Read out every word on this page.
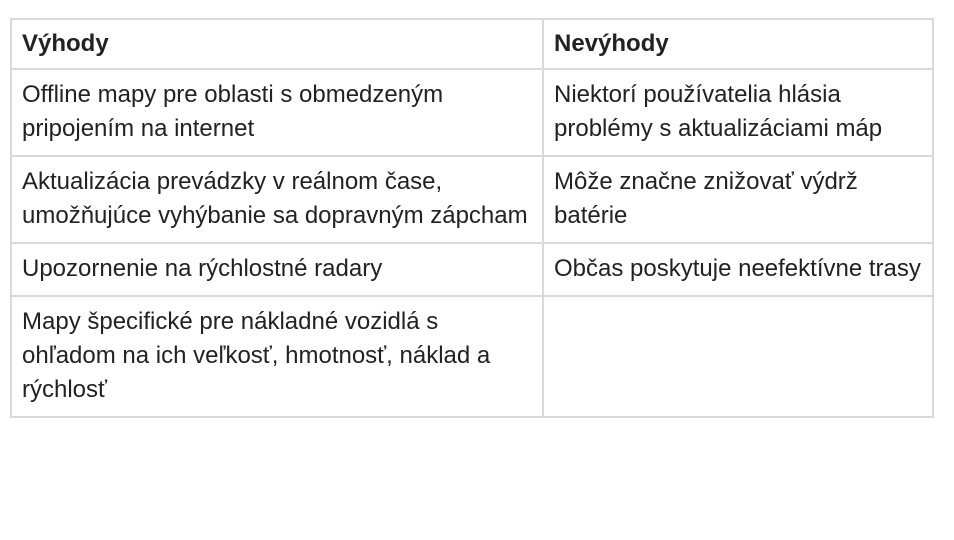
Výhody	Nevýhody
Offline mapy pre oblasti s obmedzeným pripojením na internet	Niektorí používatelia hlásia problémy s aktualizáciami máp
Aktualizácia prevádzky v reálnom čase, umožňujúce vyhýbanie sa dopravným zápcham	Môže značne znižovať výdrž batérie
Upozornenie na rýchlostné radary	Občas poskytuje neefektívne trasy
Mapy špecifické pre nákladné vozidlá s ohľadom na ich veľkosť, hmotnosť, náklad a rýchlosť	
